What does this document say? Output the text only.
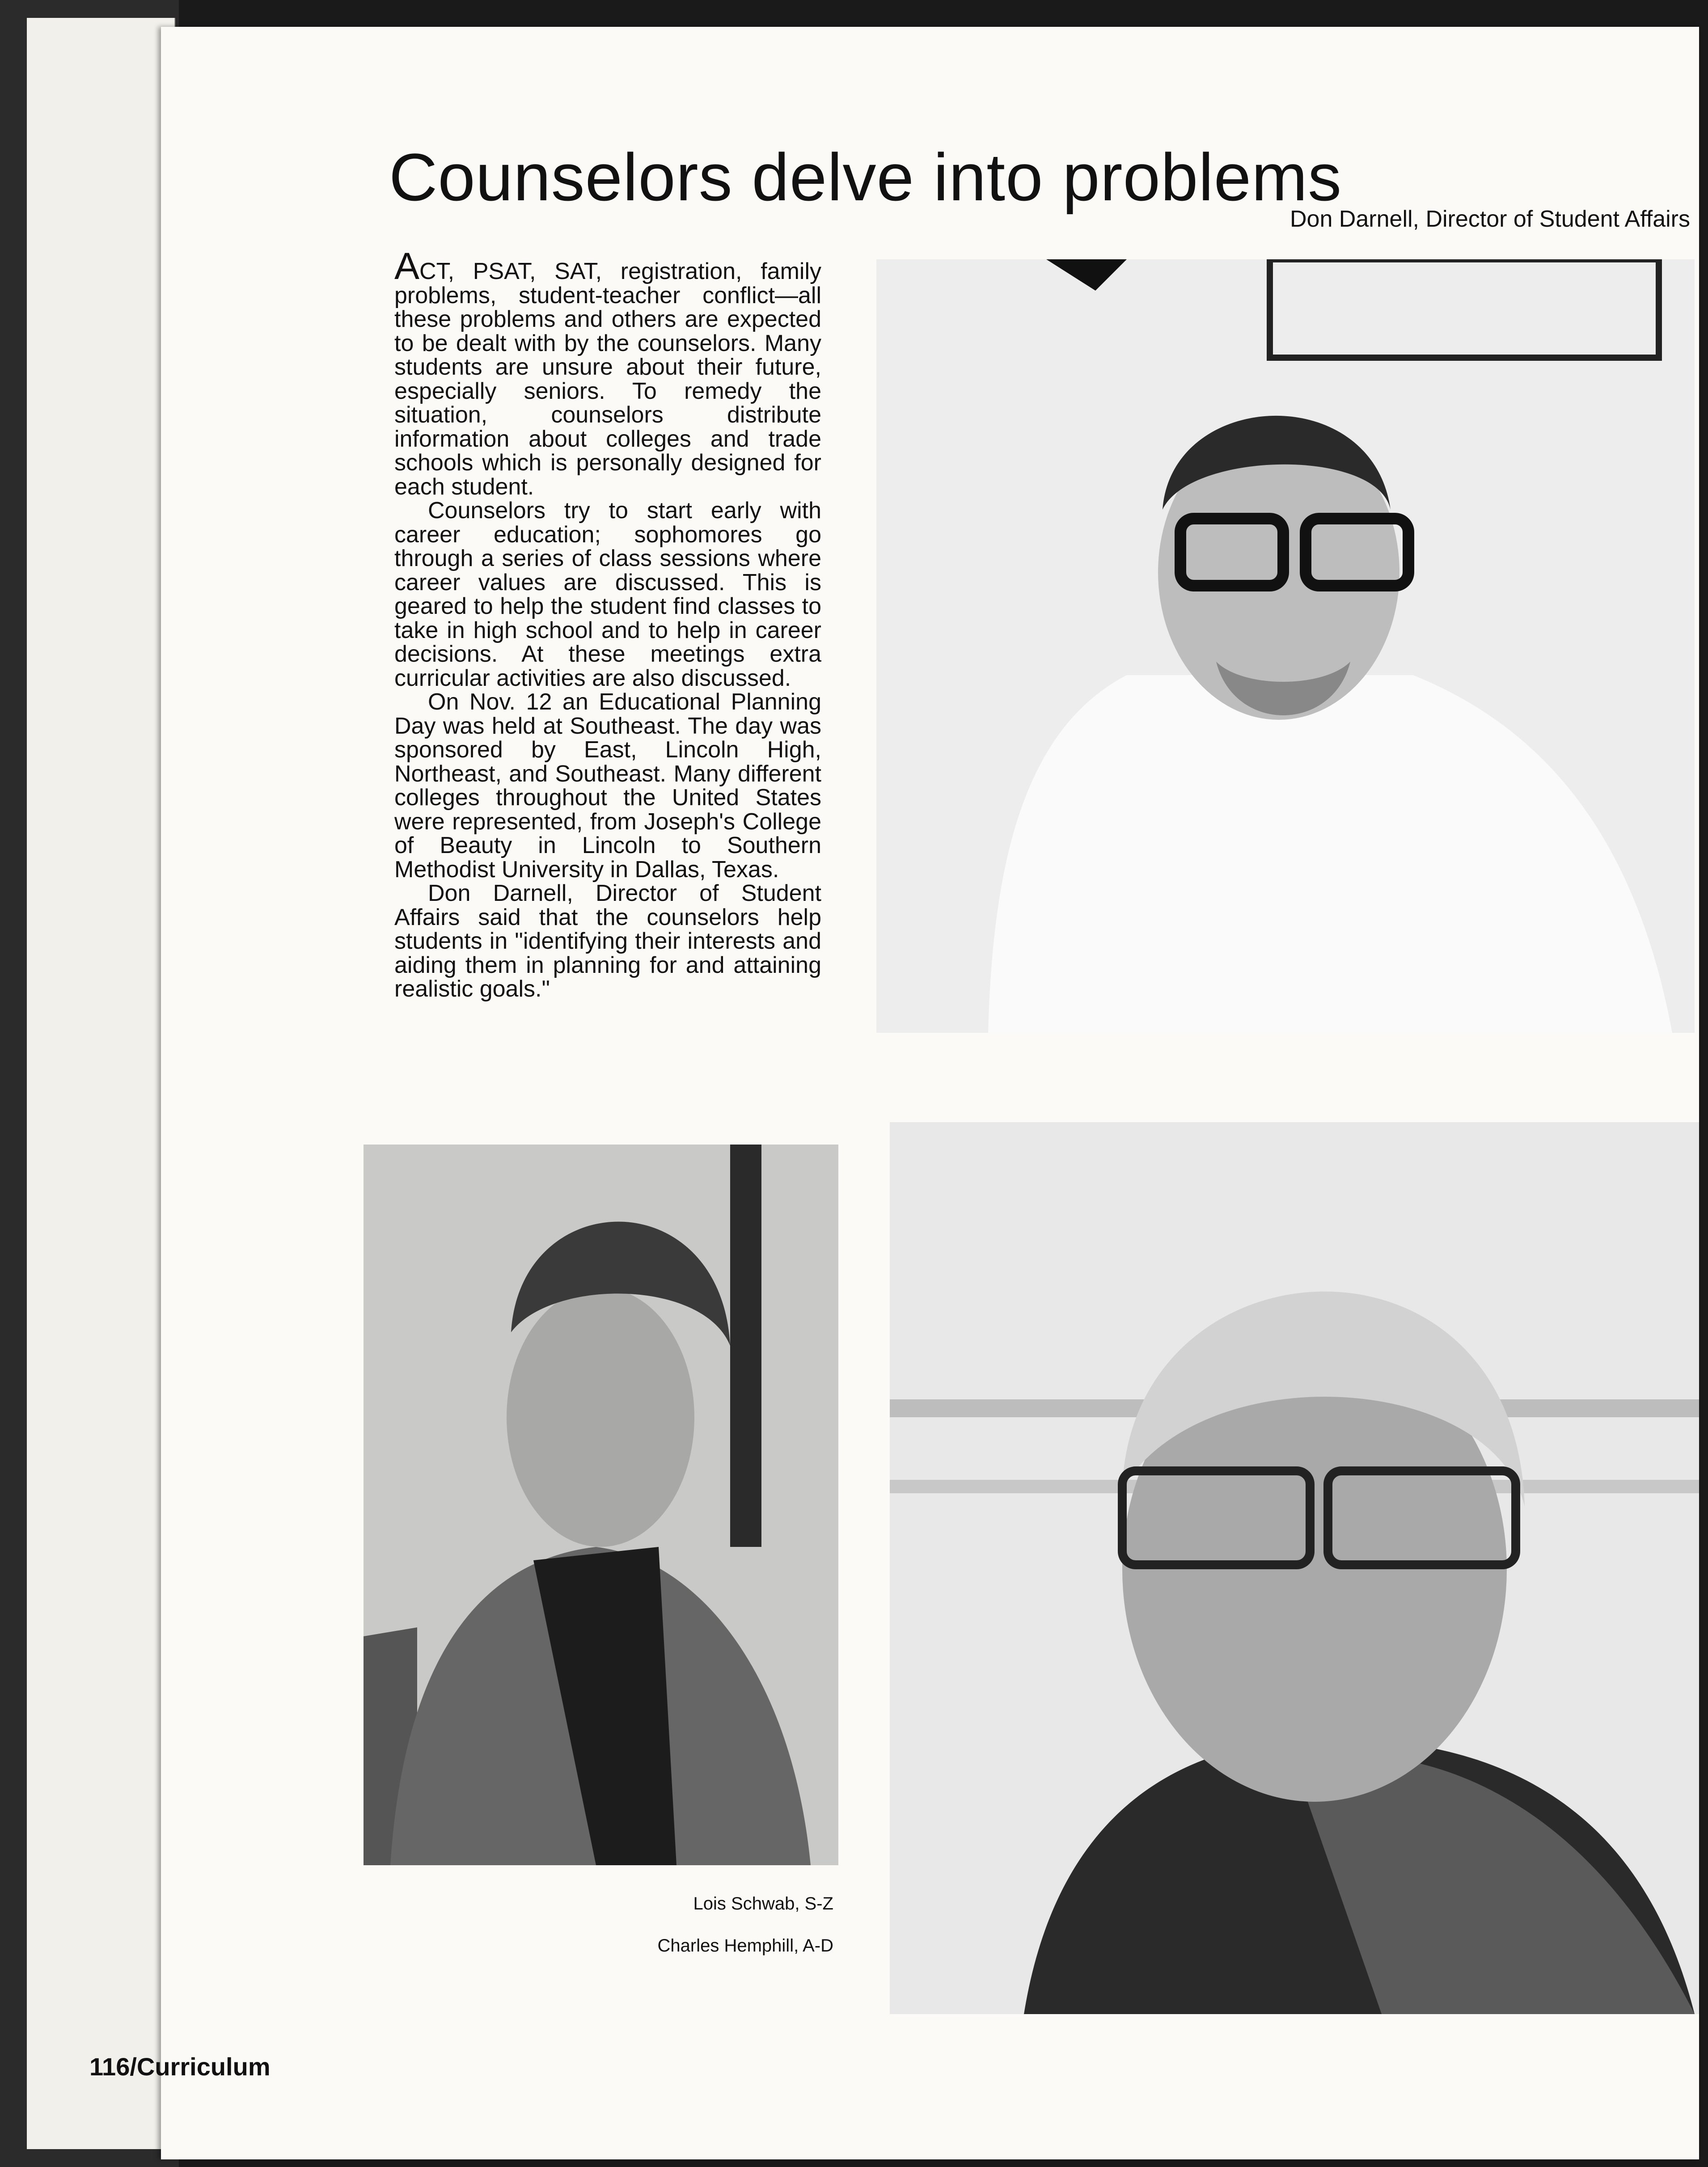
Counselors delve into problems
Don Darnell, Director of Student Affairs

ACT, PSAT, SAT, registration, family problems, student-teacher conflict—all these problems and others are expected to be dealt with by the counselors. Many students are unsure about their future, especially seniors. To remedy the situation, counselors distribute information about colleges and trade schools which is personally designed for each student.

Counselors try to start early with career education; sophomores go through a series of class sessions where career values are discussed. This is geared to help the student find classes to take in high school and to help in career decisions. At these meetings extra curricular activities are also discussed.

On Nov. 12 an Educational Planning Day was held at Southeast. The day was sponsored by East, Lincoln High, Northeast, and Southeast. Many different colleges throughout the United States were represented, from Joseph's College of Beauty in Lincoln to Southern Methodist University in Dallas, Texas.

Don Darnell, Director of Student Affairs said that the counselors help students in "identifying their interests and aiding them in planning for and attaining realistic goals."

Lois Schwab, S-Z
Charles Hemphill, A-D
116/Curriculum
